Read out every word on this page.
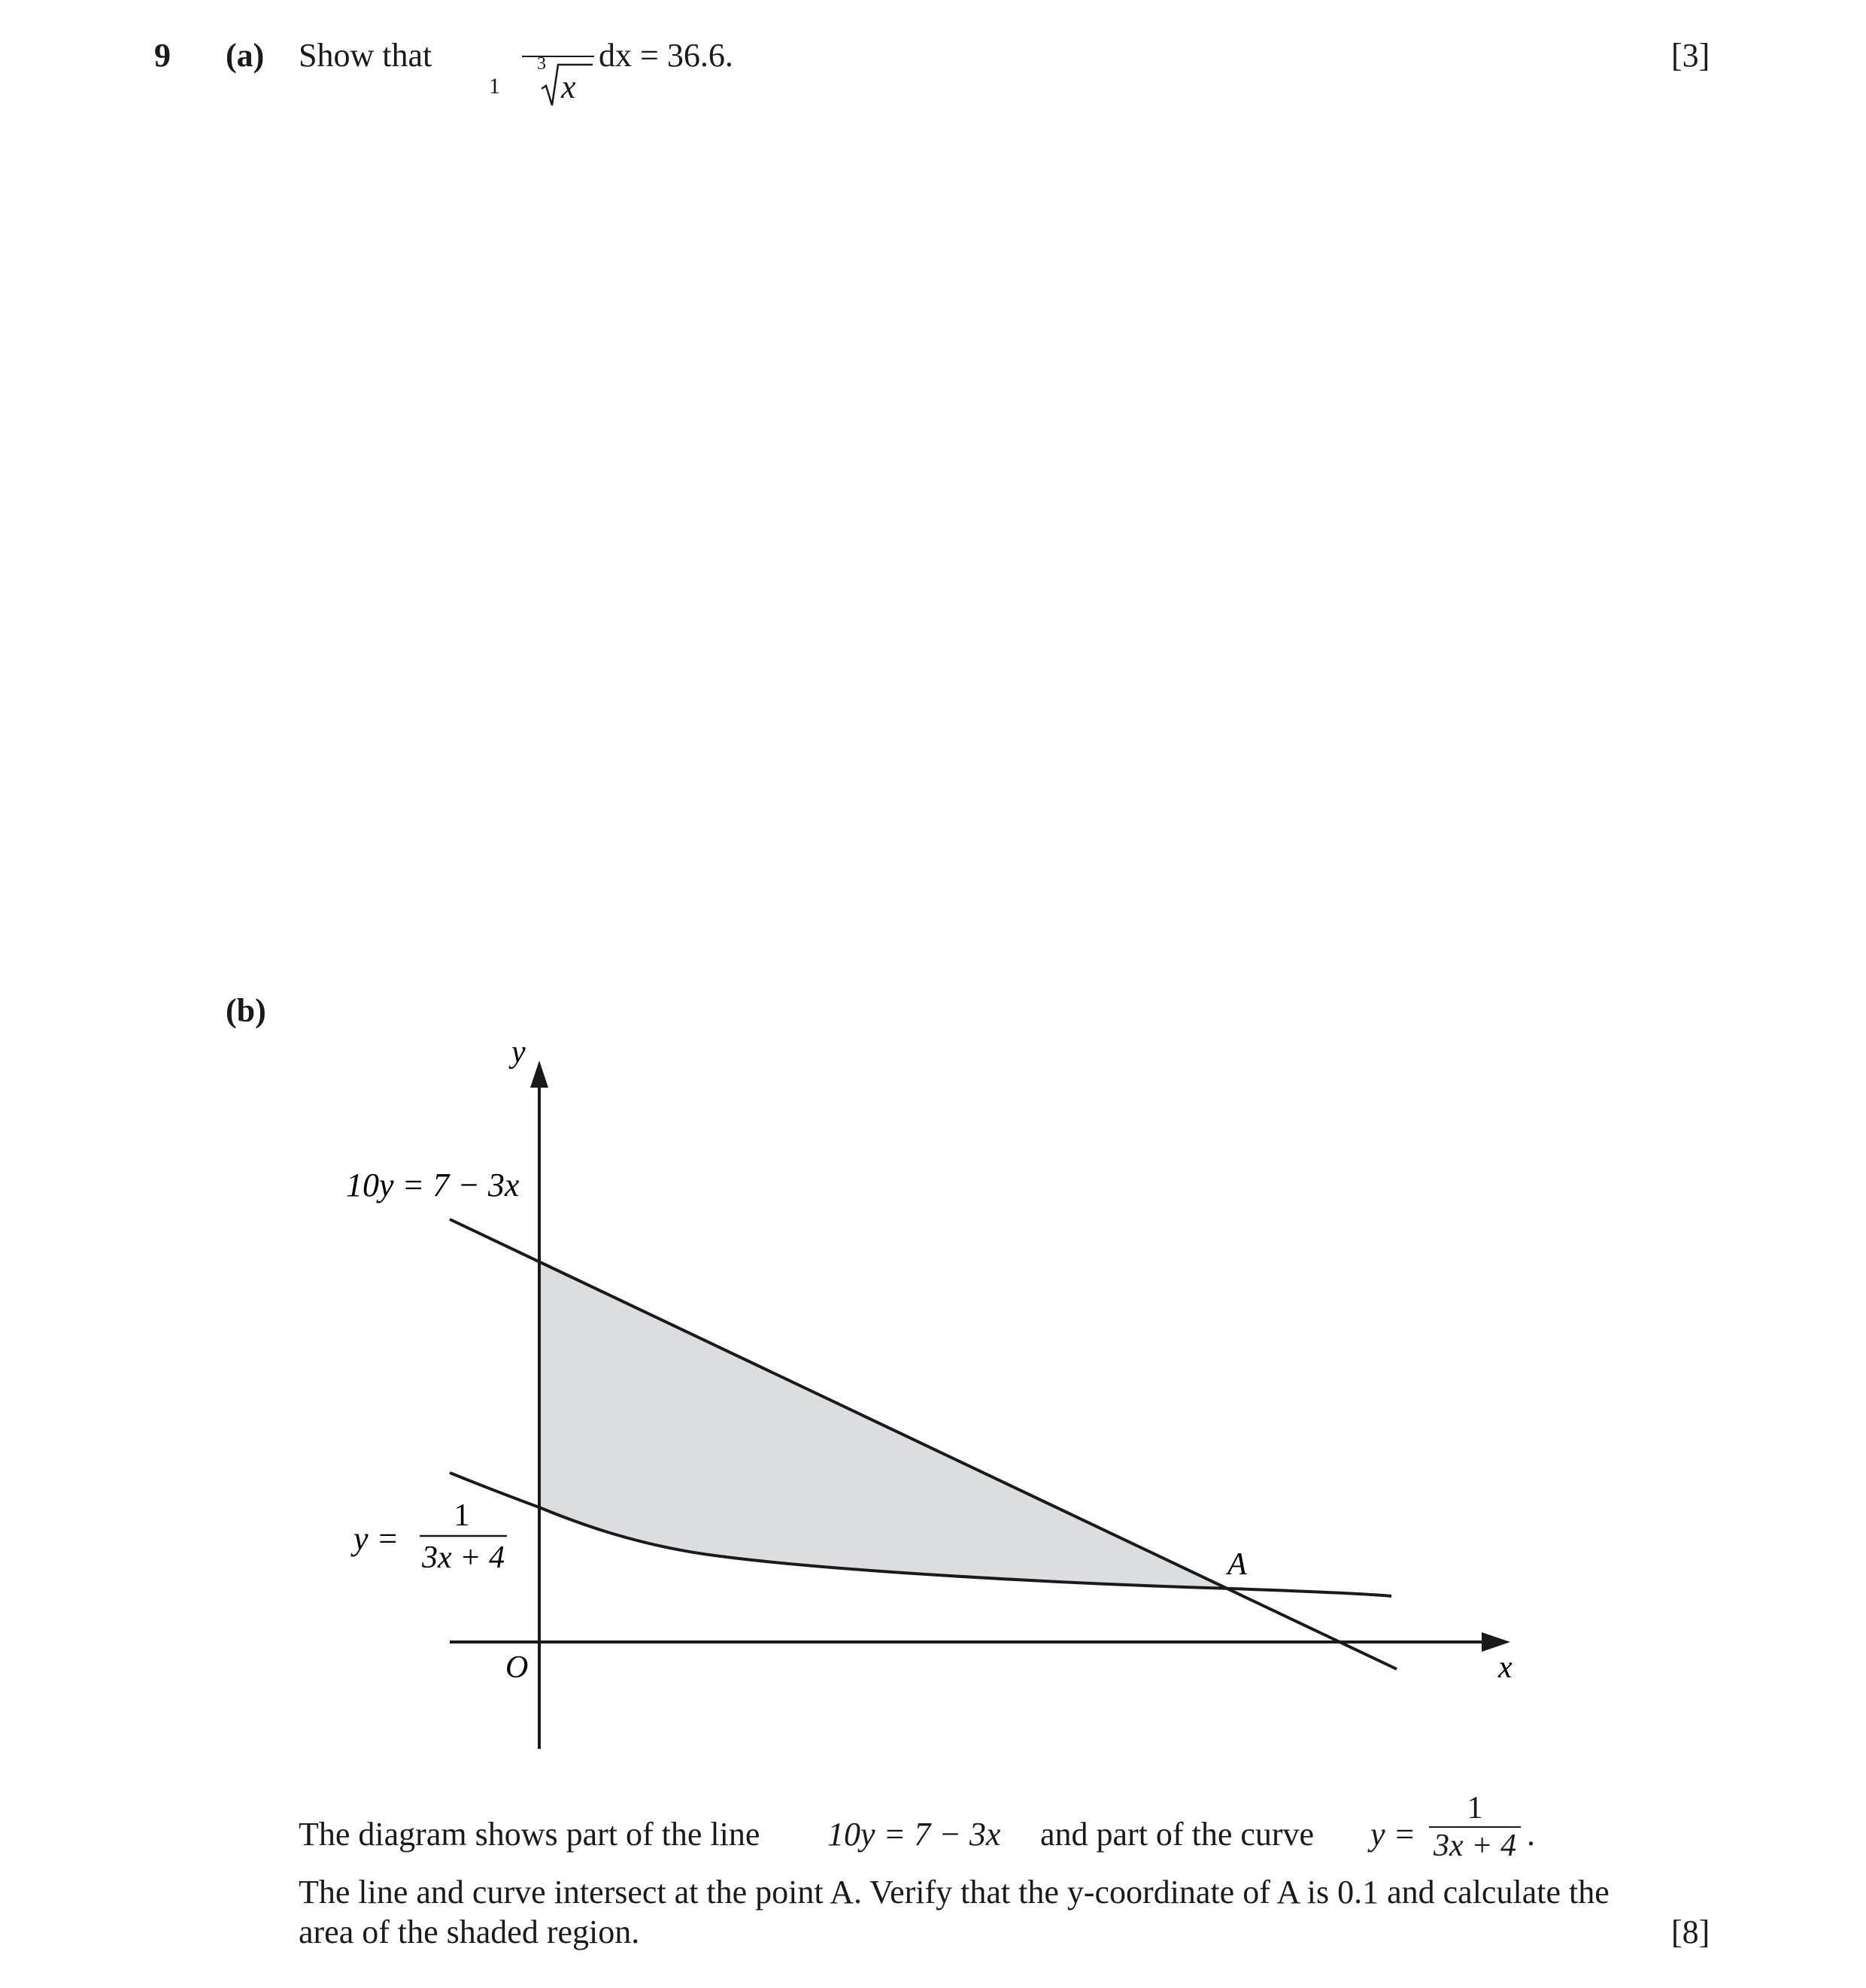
9 (a) Show that
1
3
x
dx = 36.6.	[3]
(b)
y
x
O
A
10y = 7 − 3x
y =
1
3x + 4
The diagram shows part of the line 10y = 7 − 3x and part of the curve $y = \frac{1}{3x + 4}$ .
The line and curve intersect at the point A. Verify that the y-coordinate of A is 0.1 and calculate the
area of the shaded region.	[8]
